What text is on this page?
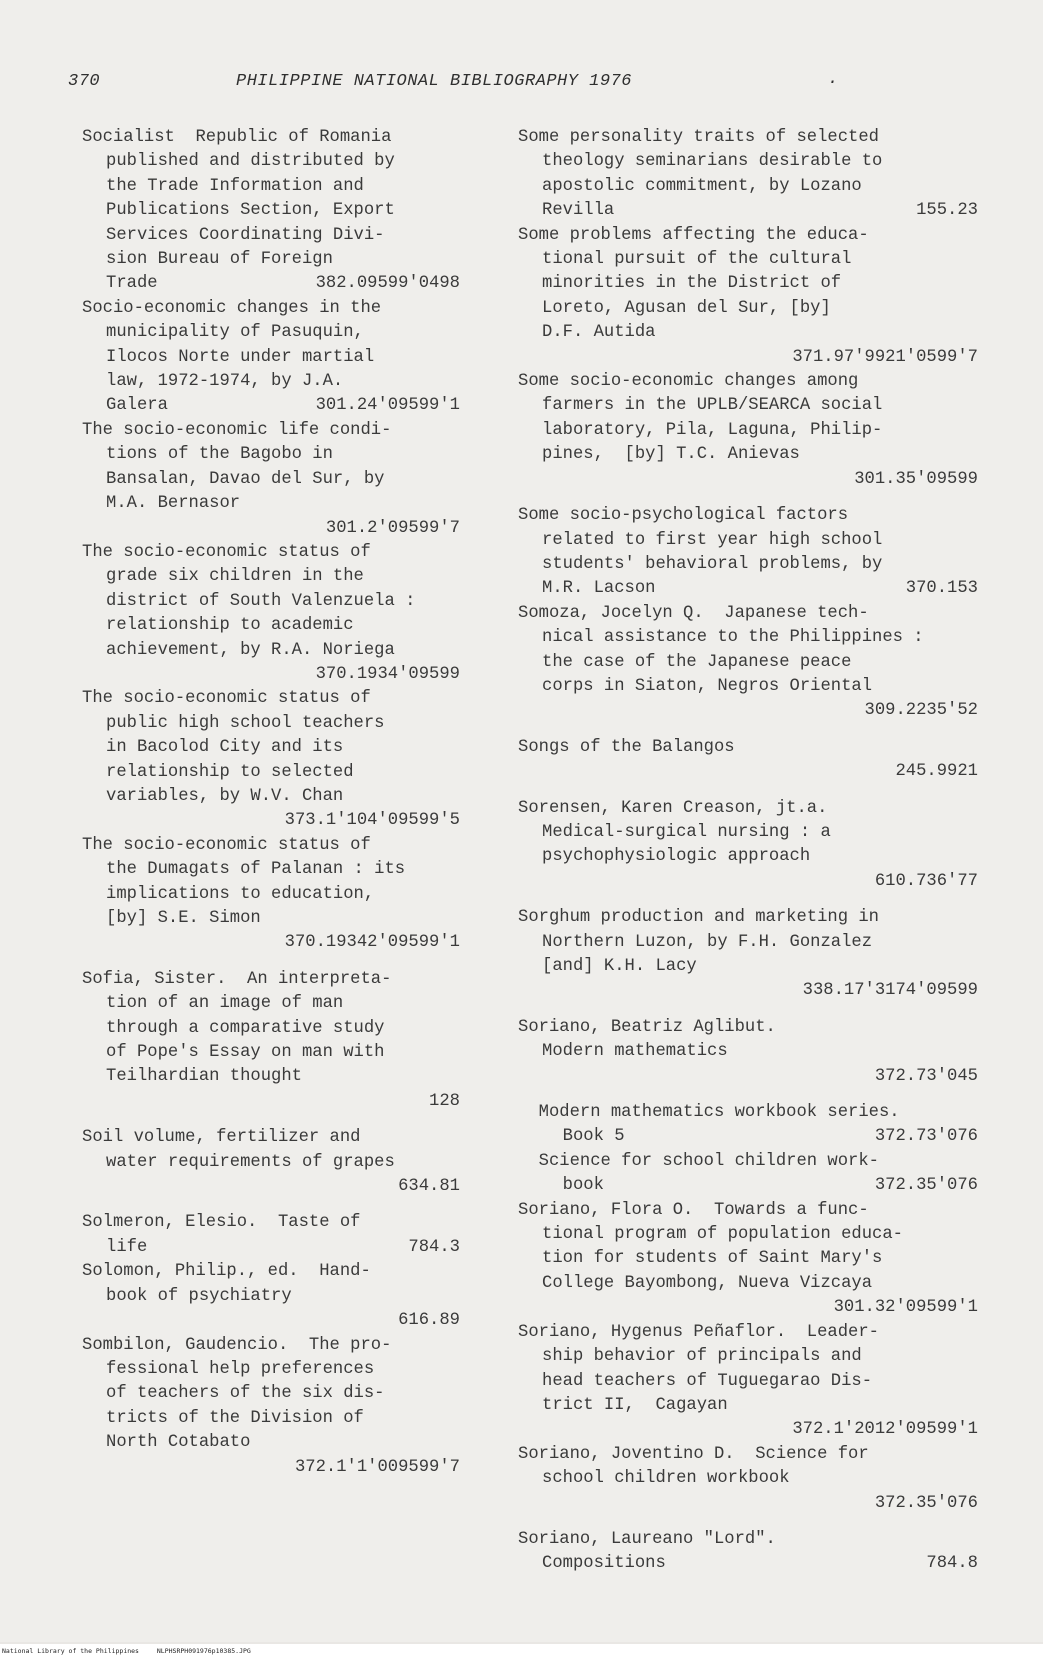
370	PHILIPPINE NATIONAL BIBLIOGRAPHY 1976	.
Socialist  Republic of Romania
published and distributed by
the Trade Information and
Publications Section, Export
Services Coordinating Divi-
sion Bureau of Foreign
Trade	382.09599'0498
Socio-economic changes in the
municipality of Pasuquin,
Ilocos Norte under martial
law, 1972-1974, by J.A.
Galera	301.24'09599'1
The socio-economic life condi-
tions of the Bagobo in
Bansalan, Davao del Sur, by
M.A. Bernasor
301.2'09599'7
The socio-economic status of
grade six children in the
district of South Valenzuela :
relationship to academic
achievement, by R.A. Noriega
370.1934'09599
The socio-economic status of
public high school teachers
in Bacolod City and its
relationship to selected
variables, by W.V. Chan
373.1'104'09599'5
The socio-economic status of
the Dumagats of Palanan : its
implications to education,
[by] S.E. Simon
370.19342'09599'1
Sofia, Sister.  An interpreta-
tion of an image of man
through a comparative study
of Pope's Essay on man with
Teilhardian thought
128
Soil volume, fertilizer and
water requirements of grapes
634.81
Solmeron, Elesio.  Taste of
life	784.3
Solomon, Philip., ed.  Hand-
book of psychiatry
616.89
Sombilon, Gaudencio.  The pro-
fessional help preferences
of teachers of the six dis-
tricts of the Division of
North Cotabato
372.1'1'009599'7
Some personality traits of selected
theology seminarians desirable to
apostolic commitment, by Lozano
Revilla	155.23
Some problems affecting the educa-
tional pursuit of the cultural
minorities in the District of
Loreto, Agusan del Sur, [by]
D.F. Autida
371.97'9921'0599'7
Some socio-economic changes among
farmers in the UPLB/SEARCA social
laboratory, Pila, Laguna, Philip-
pines,  [by] T.C. Anievas
301.35'09599
Some socio-psychological factors
related to first year high school
students' behavioral problems, by
M.R. Lacson	370.153
Somoza, Jocelyn Q.  Japanese tech-
nical assistance to the Philippines :
the case of the Japanese peace
corps in Siaton, Negros Oriental
309.2235'52
Songs of the Balangos
245.9921
Sorensen, Karen Creason, jt.a.
Medical-surgical nursing : a
psychophysiologic approach
610.736'77
Sorghum production and marketing in
Northern Luzon, by F.H. Gonzalez
[and] K.H. Lacy
338.17'3174'09599
Soriano, Beatriz Aglibut.
Modern mathematics
372.73'045
Modern mathematics workbook series.
Book 5	372.73'076
Science for school children work-
book	372.35'076
Soriano, Flora O.  Towards a func-
tional program of population educa-
tion for students of Saint Mary's
College Bayombong, Nueva Vizcaya
301.32'09599'1
Soriano, Hygenus Peñaflor.  Leader-
ship behavior of principals and
head teachers of Tuguegarao Dis-
trict II,  Cagayan
372.1'2012'09599'1
Soriano, Joventino D.  Science for
school children workbook
372.35'076
Soriano, Laureano "Lord".
Compositions	784.8
National Library of the Philippines	NLPHSRPH091976p10385.JPG
